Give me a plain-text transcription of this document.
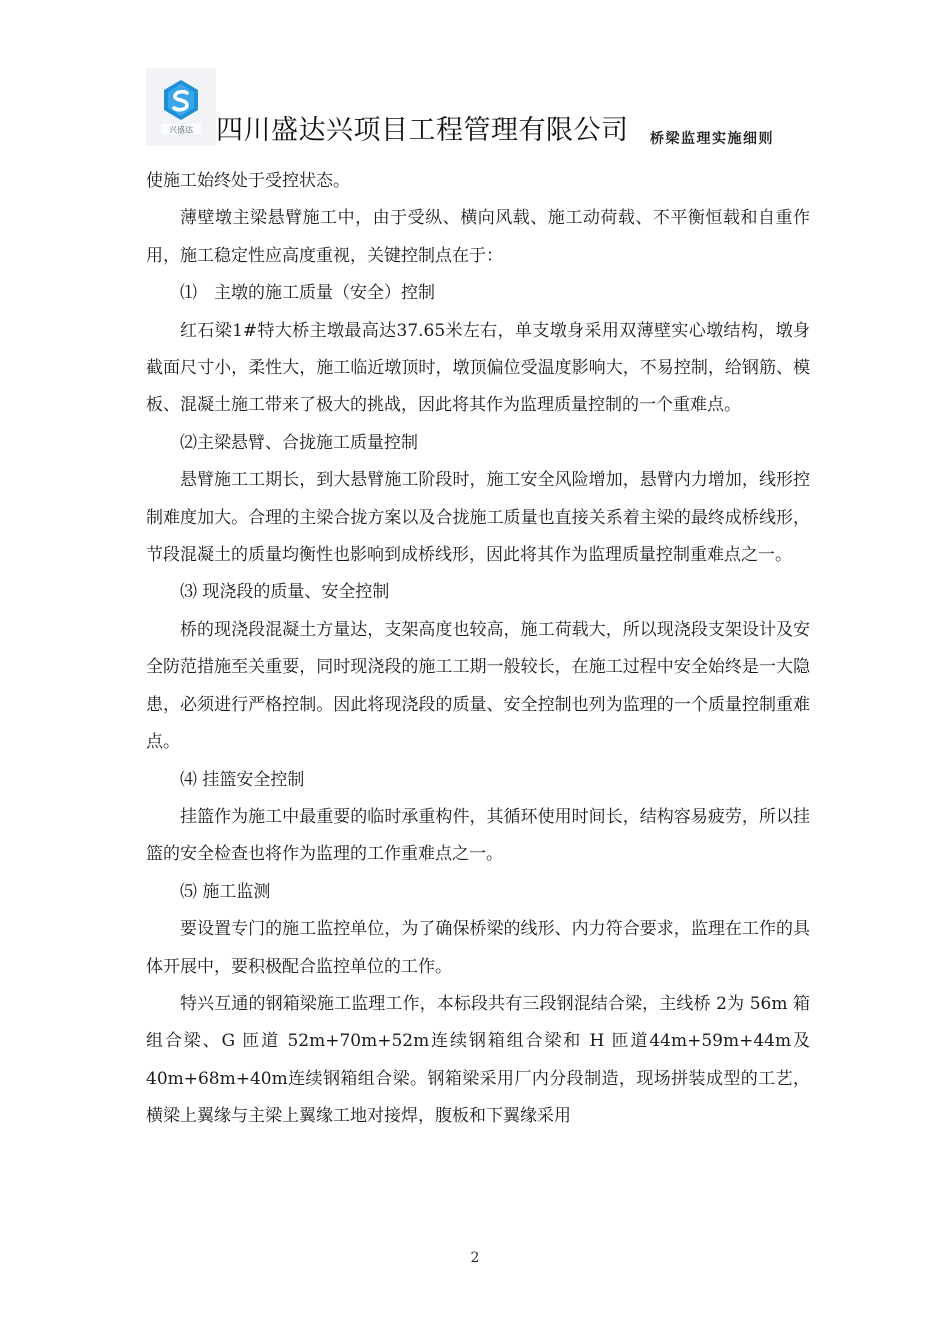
兴盛达 四川盛达兴项目工程管理有限公司 桥梁监理实施细则

使施工始终处于受控状态。

薄壁墩主梁悬臂施工中，由于受纵、横向风载、施工动荷载、不平衡恒载和自重作用，施工稳定性应高度重视，关键控制点在于：

⑴　主墩的施工质量（安全）控制

红石梁1#特大桥主墩最高达37.65米左右，单支墩身采用双薄壁实心墩结构，墩身截面尺寸小，柔性大，施工临近墩顶时，墩顶偏位受温度影响大，不易控制，给钢筋、模板、混凝土施工带来了极大的挑战，因此将其作为监理质量控制的一个重难点。

⑵主梁悬臂、合拢施工质量控制

悬臂施工工期长，到大悬臂施工阶段时，施工安全风险增加，悬臂内力增加，线形控制难度加大。合理的主梁合拢方案以及合拢施工质量也直接关系着主梁的最终成桥线形，节段混凝土的质量均衡性也影响到成桥线形，因此将其作为监理质量控制重难点之一。

⑶ 现浇段的质量、安全控制

桥的现浇段混凝土方量达，支架高度也较高，施工荷载大，所以现浇段支架设计及安全防范措施至关重要，同时现浇段的施工工期一般较长，在施工过程中安全始终是一大隐患，必须进行严格控制。因此将现浇段的质量、安全控制也列为监理的一个质量控制重难点。

⑷ 挂篮安全控制

挂篮作为施工中最重要的临时承重构件，其循环使用时间长，结构容易疲劳，所以挂篮的安全检查也将作为监理的工作重难点之一。

⑸ 施工监测

要设置专门的施工监控单位，为了确保桥梁的线形、内力符合要求，监理在工作的具体开展中，要积极配合监控单位的工作。

特兴互通的钢箱梁施工监理工作，本标段共有三段钢混结合梁，主线桥 2为 56m 箱组合梁、G 匝道 52m+70m+52m连续钢箱组合梁和 H 匝道44m+59m+44m及40m+68m+40m连续钢箱组合梁。钢箱梁采用厂内分段制造，现场拼装成型的工艺，横梁上翼缘与主梁上翼缘工地对接焊，腹板和下翼缘采用

2
